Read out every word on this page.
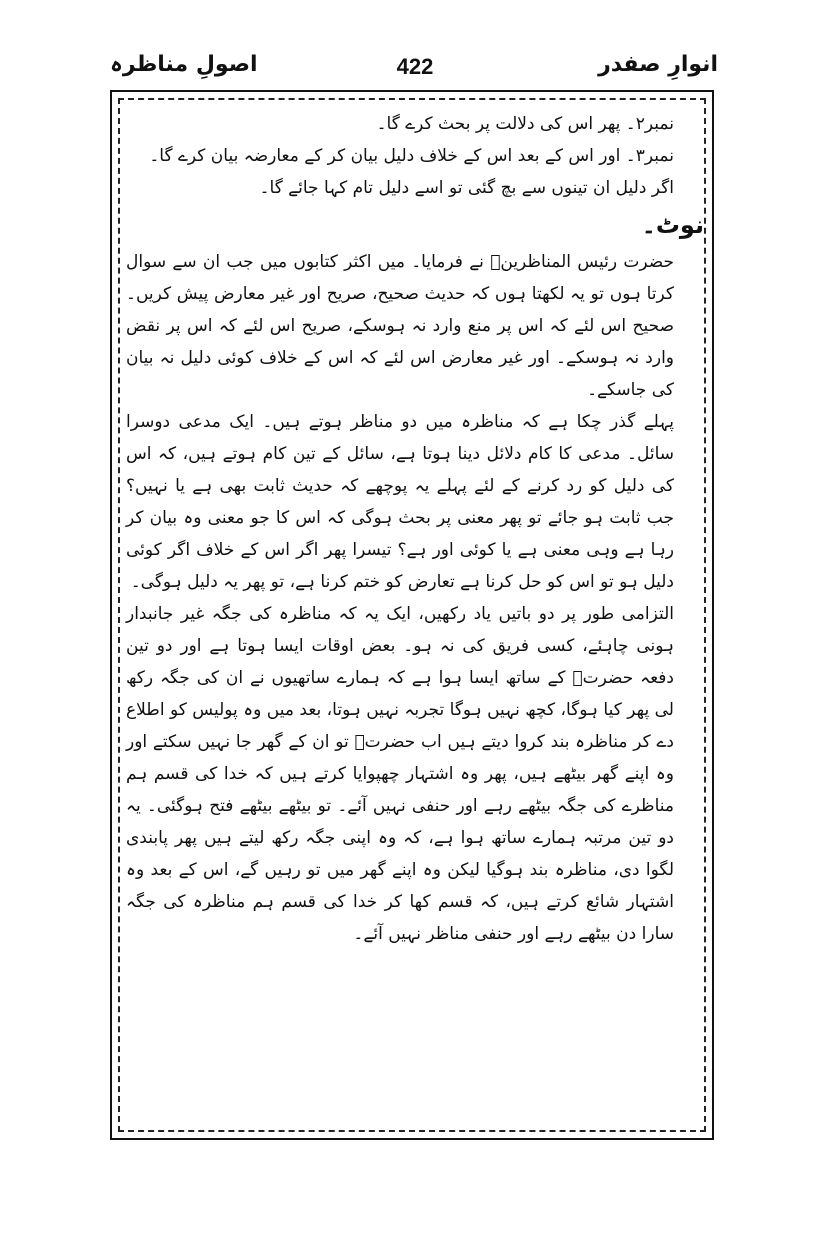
انوارِ صفدر
422
اصولِ مناظرہ

نمبر۲۔ پھر اس کی دلالت پر بحث کرے گا۔

نمبر۳۔ اور اس کے بعد اس کے خلاف دلیل بیان کر کے معارضہ بیان کرے گا۔

اگر دلیل ان تینوں سے بچ گئی تو اسے دلیل تام کہا جائے گا۔

نوٹ۔

حضرت رئیس المناظرینؒ نے فرمایا۔ میں اکثر کتابوں میں جب ان سے سوال کرتا ہوں تو یہ لکھتا ہوں کہ حدیث صحیح، صریح اور غیر معارض پیش کریں۔ صحیح اس لئے کہ اس پر منع وارد نہ ہوسکے، صریح اس لئے کہ اس پر نقض وارد نہ ہوسکے۔ اور غیر معارض اس لئے کہ اس کے خلاف کوئی دلیل نہ بیان کی جاسکے۔

پہلے گذر چکا ہے کہ مناظرہ میں دو مناظر ہوتے ہیں۔ ایک مدعی دوسرا سائل۔ مدعی کا کام دلائل دینا ہوتا ہے، سائل کے تین کام ہوتے ہیں، کہ اس کی دلیل کو رد کرنے کے لئے پہلے یہ پوچھے کہ حدیث ثابت بھی ہے یا نہیں؟ جب ثابت ہو جائے تو پھر معنی پر بحث ہوگی کہ اس کا جو معنی وہ بیان کر رہا ہے وہی معنی ہے یا کوئی اور ہے؟ تیسرا پھر اگر اس کے خلاف اگر کوئی دلیل ہو تو اس کو حل کرنا ہے تعارض کو ختم کرنا ہے، تو پھر یہ دلیل ہوگی۔

التزامی طور پر دو باتیں یاد رکھیں، ایک یہ کہ مناظرہ کی جگہ غیر جانبدار ہونی چاہئے، کسی فریق کی نہ ہو۔ بعض اوقات ایسا ہوتا ہے اور دو تین دفعہ حضرتؒ کے ساتھ ایسا ہوا ہے کہ ہمارے ساتھیوں نے ان کی جگہ رکھ لی پھر کیا ہوگا، کچھ نہیں ہوگا تجربہ نہیں ہوتا، بعد میں وہ پولیس کو اطلاع دے کر مناظرہ بند کروا دیتے ہیں اب حضرتؒ تو ان کے گھر جا نہیں سکتے اور وہ اپنے گھر بیٹھے ہیں، پھر وہ اشتہار چھپوایا کرتے ہیں کہ خدا کی قسم ہم مناظرے کی جگہ بیٹھے رہے اور حنفی نہیں آئے۔ تو بیٹھے بیٹھے فتح ہوگئی۔ یہ دو تین مرتبہ ہمارے ساتھ ہوا ہے، کہ وہ اپنی جگہ رکھ لیتے ہیں پھر پابندی لگوا دی، مناظرہ بند ہوگیا لیکن وہ اپنے گھر میں تو رہیں گے، اس کے بعد وہ اشتہار شائع کرتے ہیں، کہ قسم کھا کر خدا کی قسم ہم مناظرہ کی جگہ سارا دن بیٹھے رہے اور حنفی مناظر نہیں آئے۔
